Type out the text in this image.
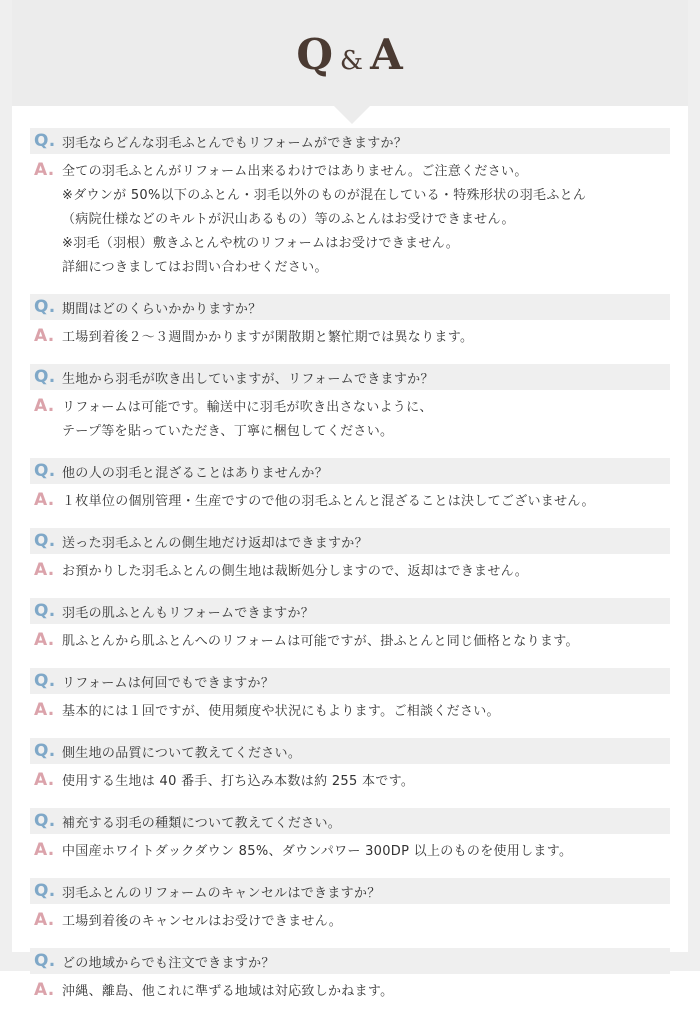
Q & A
Q. 羽毛ならどんな羽毛ふとんでもリフォームができますか？
A. 全ての羽毛ふとんがリフォーム出来るわけではありません。ご注意ください。
※ダウンが 50%以下のふとん・羽毛以外のものが混在している・特殊形状の羽毛ふとん
（病院仕様などのキルトが沢山あるもの）等のふとんはお受けできません。
※羽毛（羽根）敷きふとんや枕のリフォームはお受けできません。
詳細につきましてはお問い合わせください。
Q. 期間はどのくらいかかりますか？
A. 工場到着後２〜３週間かかりますが閑散期と繁忙期では異なります。
Q. 生地から羽毛が吹き出していますが、リフォームできますか？
A. リフォームは可能です。輸送中に羽毛が吹き出さないように、
テープ等を貼っていただき、丁寧に梱包してください。
Q. 他の人の羽毛と混ざることはありませんか？
A. １枚単位の個別管理・生産ですので他の羽毛ふとんと混ざることは決してございません。
Q. 送った羽毛ふとんの側生地だけ返却はできますか？
A. お預かりした羽毛ふとんの側生地は裁断処分しますので、返却はできません。
Q. 羽毛の肌ふとんもリフォームできますか？
A. 肌ふとんから肌ふとんへのリフォームは可能ですが、掛ふとんと同じ価格となります。
Q. リフォームは何回でもできますか？
A. 基本的には１回ですが、使用頻度や状況にもよります。ご相談ください。
Q. 側生地の品質について教えてください。
A. 使用する生地は 40 番手、打ち込み本数は約 255 本です。
Q. 補充する羽毛の種類について教えてください。
A. 中国産ホワイトダックダウン 85%、ダウンパワー 300DP 以上のものを使用します。
Q. 羽毛ふとんのリフォームのキャンセルはできますか？
A. 工場到着後のキャンセルはお受けできません。
Q. どの地域からでも注文できますか？
A. 沖縄、離島、他これに準ずる地域は対応致しかねます。
